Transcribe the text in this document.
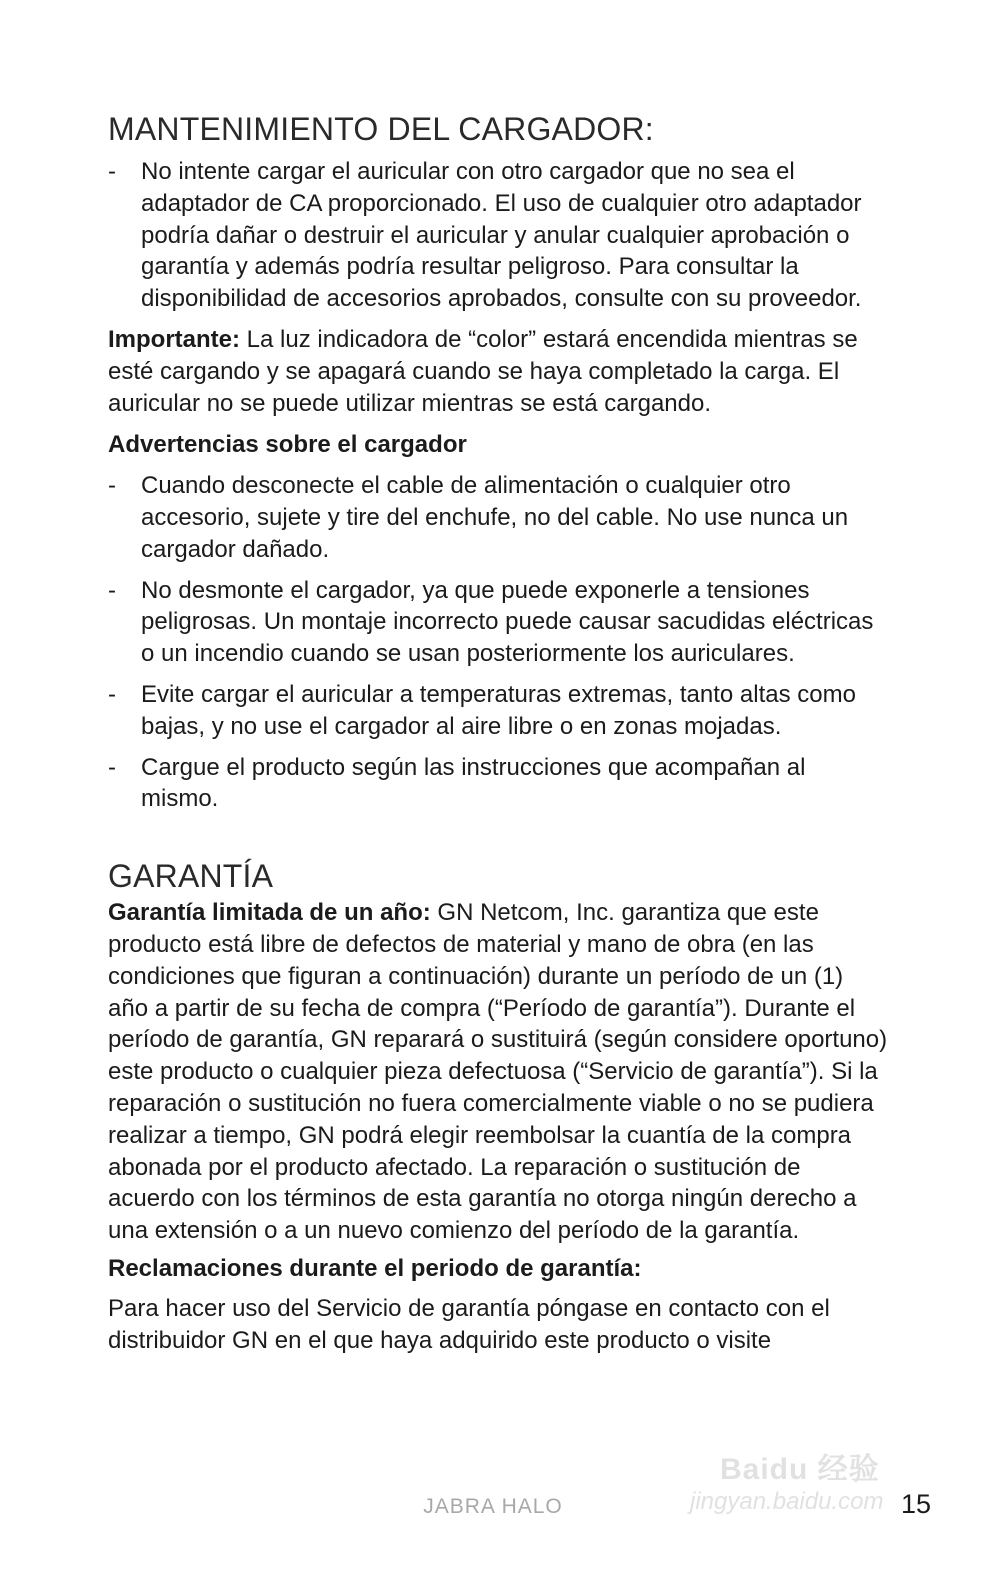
MANTENIMIENTO DEL CARGADOR:
- No intente cargar el auricular con otro cargador que no sea el adaptador de CA proporcionado. El uso de cualquier otro adaptador podría dañar o destruir el auricular y anular cualquier aprobación o garantía y además podría resultar peligroso. Para consultar la disponibilidad de accesorios aprobados, consulte con su proveedor.

Importante: La luz indicadora de “color” estará encendida mientras se esté cargando y se apagará cuando se haya completado la carga. El auricular no se puede utilizar mientras se está cargando.

Advertencias sobre el cargador

- Cuando desconecte el cable de alimentación o cualquier otro accesorio, sujete y tire del enchufe, no del cable. No use nunca un cargador dañado.
- No desmonte el cargador, ya que puede exponerle a tensiones peligrosas. Un montaje incorrecto puede causar sacudidas eléctricas o un incendio cuando se usan posteriormente los auriculares.
- Evite cargar el auricular a temperaturas extremas, tanto altas como bajas, y no use el cargador al aire libre o en zonas mojadas.
- Cargue el producto según las instrucciones que acompañan al mismo.
GARANTÍA

Garantía limitada de un año: GN Netcom, Inc. garantiza que este producto está libre de defectos de material y mano de obra (en las condiciones que figuran a continuación) durante un período de un (1) año a partir de su fecha de compra (“Período de garantía”). Durante el período de garantía, GN reparará o sustituirá (según considere oportuno) este producto o cualquier pieza defectuosa (“Servicio de garantía”). Si la reparación o sustitución no fuera comercialmente viable o no se pudiera realizar a tiempo, GN podrá elegir reembolsar la cuantía de la compra abonada por el producto afectado. La reparación o sustitución de acuerdo con los términos de esta garantía no otorga ningún derecho a una extensión o a un nuevo comienzo del período de la garantía.

Reclamaciones durante el periodo de garantía:

Para hacer uso del Servicio de garantía póngase en contacto con el distribuidor GN en el que haya adquirido este producto o visite

JABRA HALO	15
Baidu 经验
jingyan.baidu.com
